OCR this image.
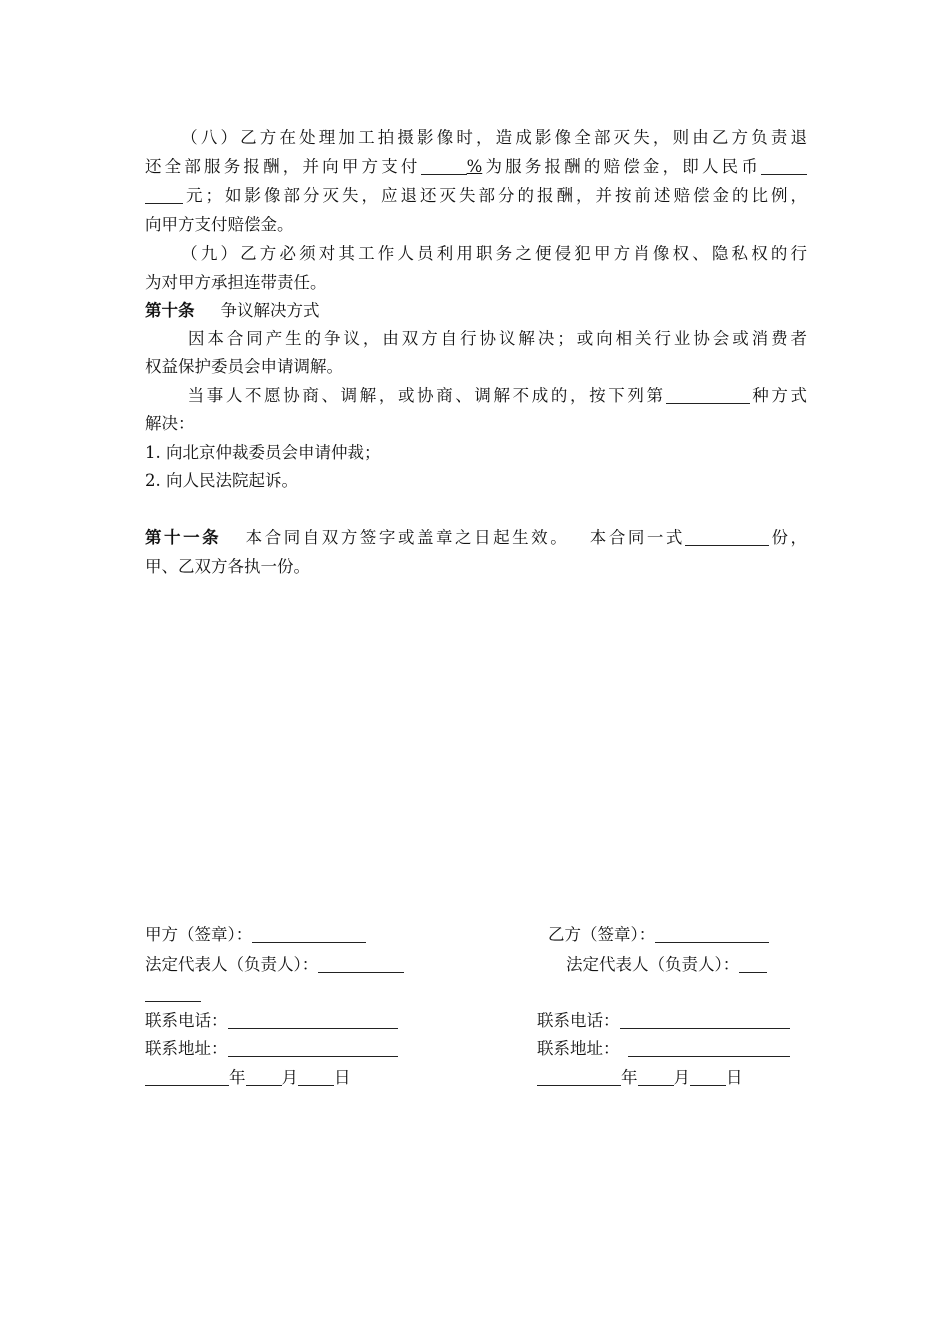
（八）乙方在处理加工拍摄影像时，造成影像全部灭失，则由乙方负责退
还全部服务报酬，并向甲方支付	%为服务报酬的赔偿金，即人民币
元；如影像部分灭失，应退还灭失部分的报酬，并按前述赔偿金的比例，
向甲方支付赔偿金。
（九）乙方必须对其工作人员利用职务之便侵犯甲方肖像权、隐私权的行
为对甲方承担连带责任。
第十条 争议解决方式
因本合同产生的争议，由双方自行协议解决；或向相关行业协会或消费者
权益保护委员会申请调解。
当事人不愿协商、调解，或协商、调解不成的，按下列第	种方式
解决：
1. 向北京仲裁委员会申请仲裁；
2. 向人民法院起诉。
第十一条 本合同自双方签字或盖章之日起生效。 本合同一式	份，
甲、乙双方各执一份。
甲方（签章）：
法定代表人（负责人）：
联系电话：
联系地址：
年 月 日
乙方（签章）：
法定代表人（负责人）：
联系电话：
联系地址：
年 月 日
